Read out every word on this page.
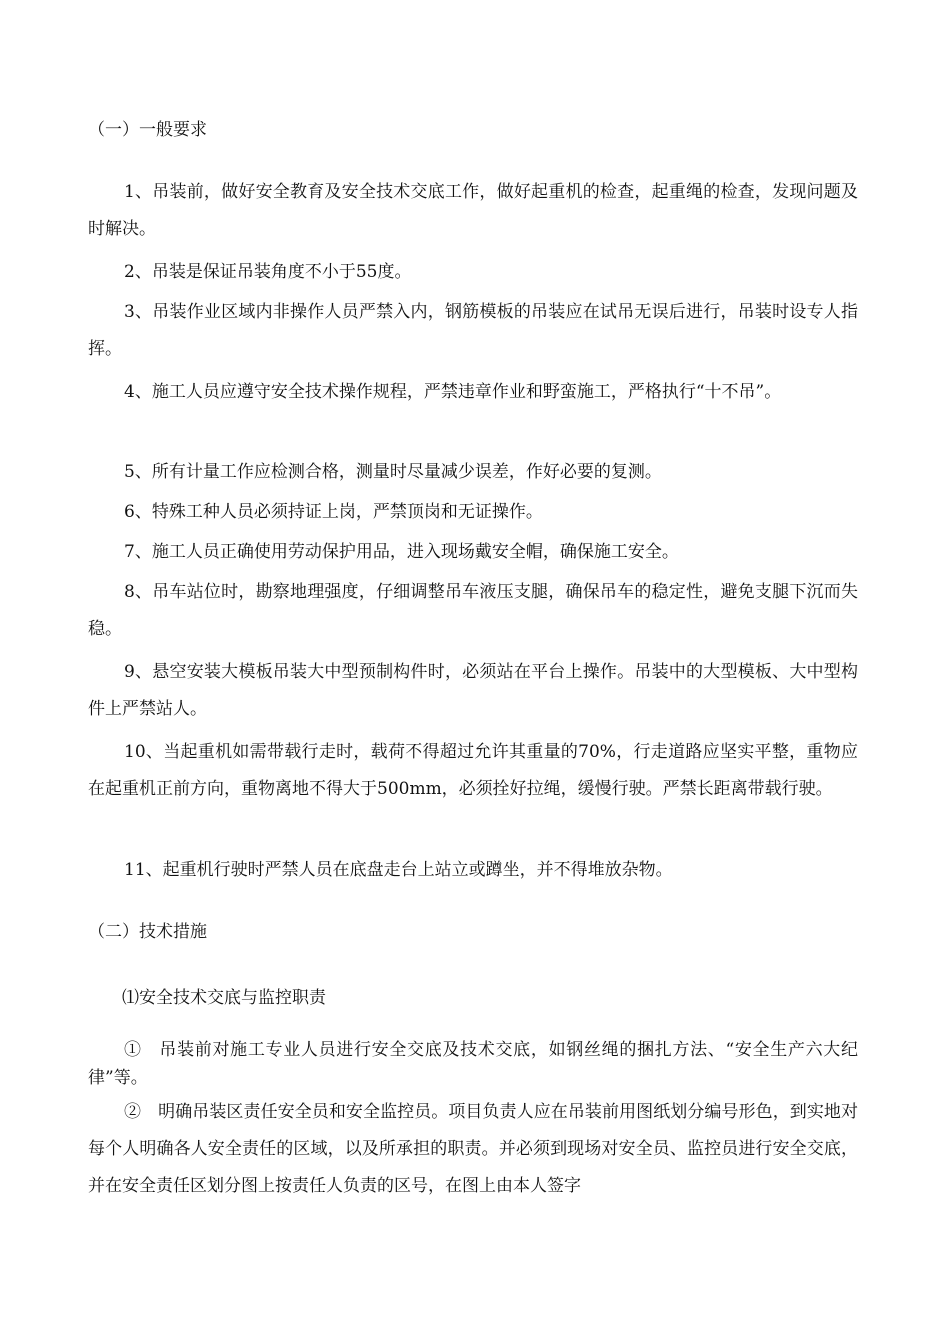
（一）一般要求
1、吊装前，做好安全教育及安全技术交底工作，做好起重机的检查，起重绳的检查，发现问题及时解决。
2、吊装是保证吊装角度不小于55度。
3、吊装作业区域内非操作人员严禁入内，钢筋模板的吊装应在试吊无误后进行，吊装时设专人指挥。
4、施工人员应遵守安全技术操作规程，严禁违章作业和野蛮施工，严格执行“十不吊”。
5、所有计量工作应检测合格，测量时尽量减少误差，作好必要的复测。
6、特殊工种人员必须持证上岗，严禁顶岗和无证操作。
7、施工人员正确使用劳动保护用品，进入现场戴安全帽，确保施工安全。
8、吊车站位时，勘察地理强度，仔细调整吊车液压支腿，确保吊车的稳定性，避免支腿下沉而失稳。
9、悬空安装大模板吊装大中型预制构件时，必须站在平台上操作。吊装中的大型模板、大中型构件上严禁站人。
10、当起重机如需带载行走时，载荷不得超过允许其重量的70%，行走道路应坚实平整，重物应在起重机正前方向，重物离地不得大于500mm，必须拴好拉绳，缓慢行驶。严禁长距离带载行驶。
11、起重机行驶时严禁人员在底盘走台上站立或蹲坐，并不得堆放杂物。
（二）技术措施
⑴安全技术交底与监控职责
①　吊装前对施工专业人员进行安全交底及技术交底，如钢丝绳的捆扎方法、“安全生产六大纪律”等。
②　明确吊装区责任安全员和安全监控员。项目负责人应在吊装前用图纸划分编号形色，到实地对每个人明确各人安全责任的区域，以及所承担的职责。并必须到现场对安全员、监控员进行安全交底，并在安全责任区划分图上按责任人负责的区号，在图上由本人签字
